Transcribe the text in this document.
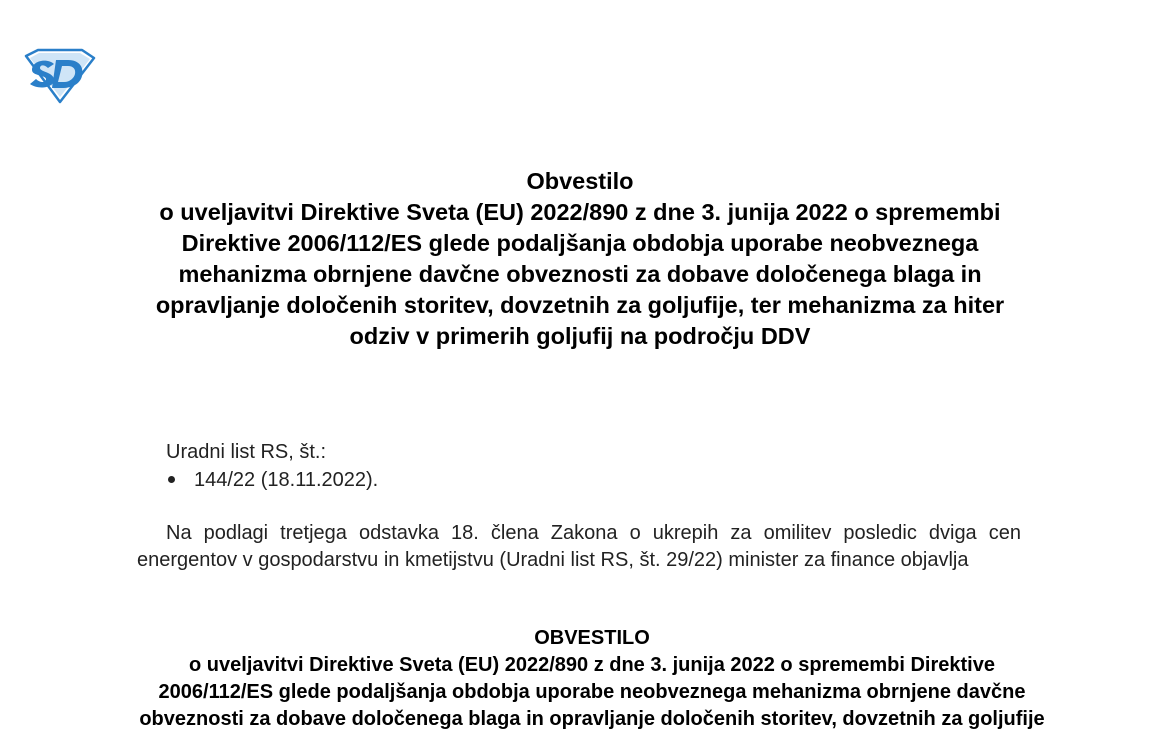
Obvestilo
o uveljavitvi Direktive Sveta (EU) 2022/890 z dne 3. junija 2022 o spremembi Direktive 2006/112/ES glede podaljšanja obdobja uporabe neobveznega mehanizma obrnjene davčne obveznosti za dobave določenega blaga in opravljanje določenih storitev, dovzetnih za goljufije, ter mehanizma za hiter odziv v primerih goljufij na področju DDV
Uradni list RS, št.:
144/22 (18.11.2022).
Na podlagi tretjega odstavka 18. člena Zakona o ukrepih za omilitev posledic dviga cen energentov v gospodarstvu in kmetijstvu (Uradni list RS, št. 29/22) minister za finance objavlja
OBVESTILO
o uveljavitvi Direktive Sveta (EU) 2022/890 z dne 3. junija 2022 o spremembi Direktive 2006/112/ES glede podaljšanja obdobja uporabe neobveznega mehanizma obrnjene davčne obveznosti za dobave določenega blaga in opravljanje določenih storitev, dovzetnih za goljufije
